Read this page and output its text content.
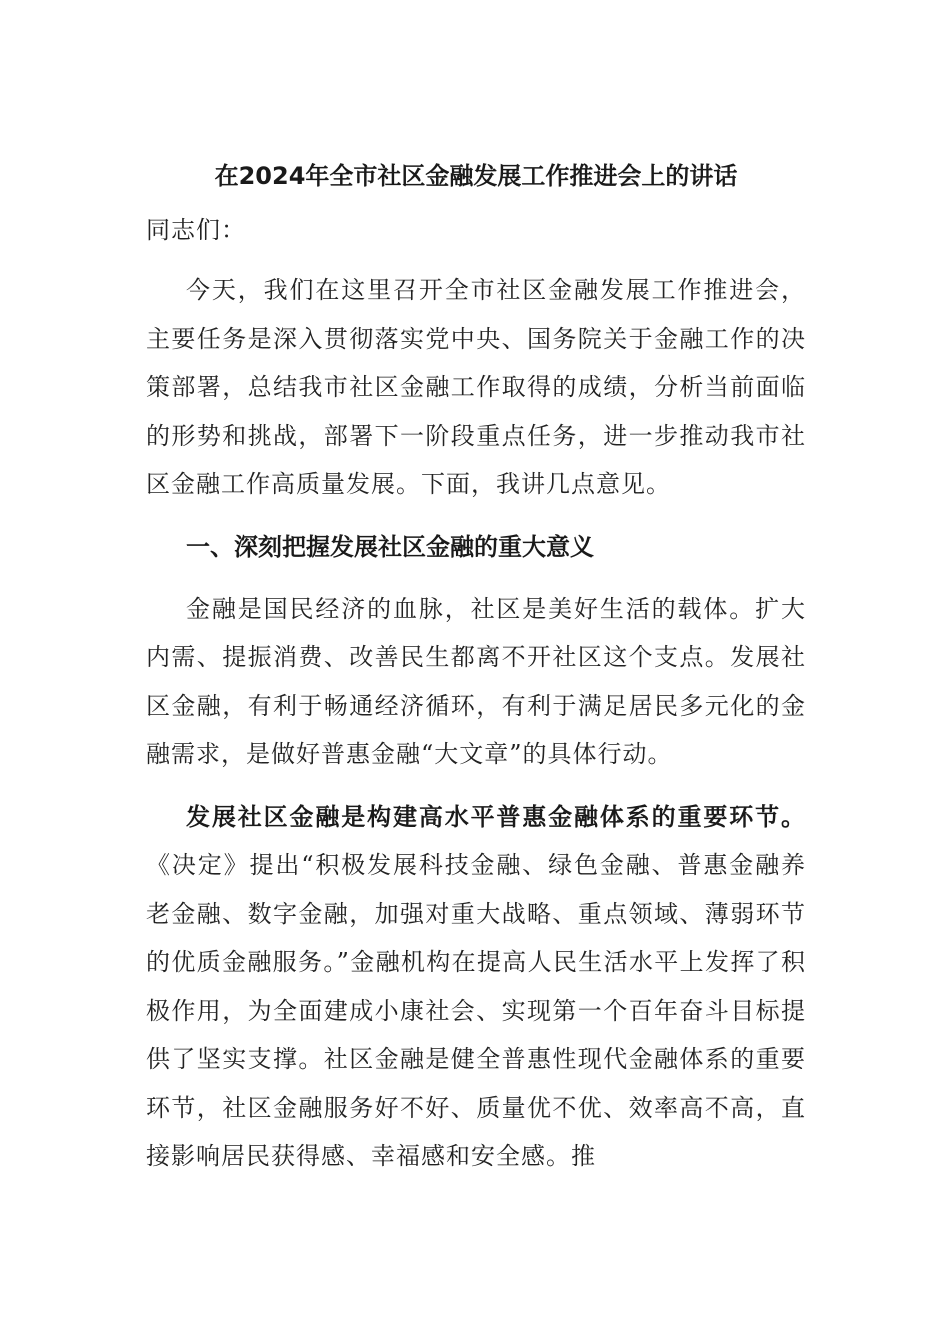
在2024年全市社区金融发展工作推进会上的讲话
同志们：

今天，我们在这里召开全市社区金融发展工作推进会，主要任务是深入贯彻落实党中央、国务院关于金融工作的决策部署，总结我市社区金融工作取得的成绩，分析当前面临的形势和挑战，部署下一阶段重点任务，进一步推动我市社区金融工作高质量发展。下面，我讲几点意见。

一、深刻把握发展社区金融的重大意义

金融是国民经济的血脉，社区是美好生活的载体。扩大内需、提振消费、改善民生都离不开社区这个支点。发展社区金融，有利于畅通经济循环，有利于满足居民多元化的金融需求，是做好普惠金融“大文章”的具体行动。

发展社区金融是构建高水平普惠金融体系的重要环节。《决定》提出“积极发展科技金融、绿色金融、普惠金融养老金融、数字金融，加强对重大战略、重点领域、薄弱环节的优质金融服务。”金融机构在提高人民生活水平上发挥了积极作用，为全面建成小康社会、实现第一个百年奋斗目标提供了坚实支撑。社区金融是健全普惠性现代金融体系的重要环节，社区金融服务好不好、质量优不优、效率高不高，直接影响居民获得感、幸福感和安全感。推
